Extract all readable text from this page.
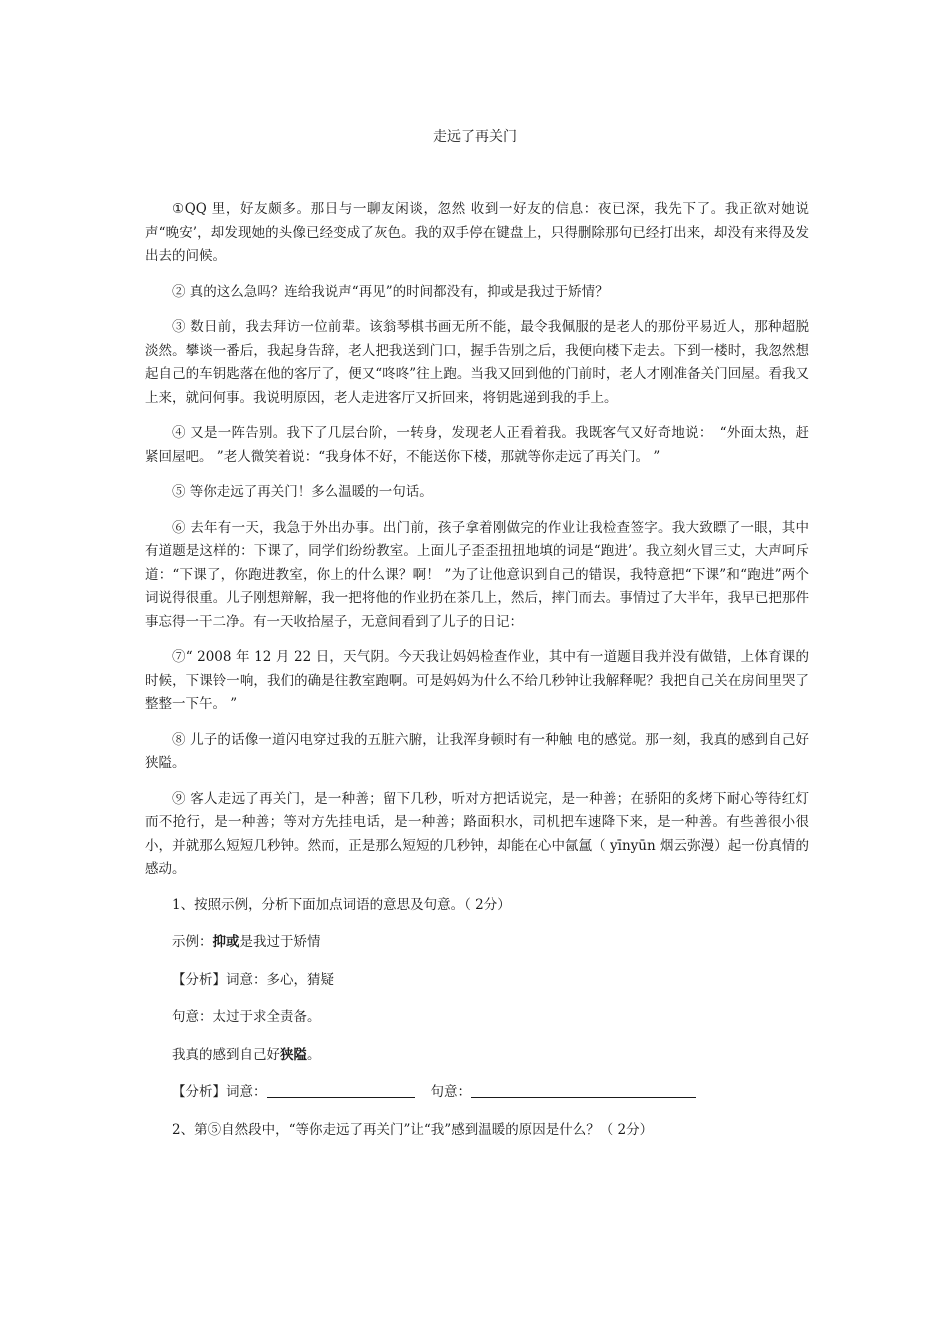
走远了再关门

①QQ 里，好友颇多。那日与一聊友闲谈，忽然 收到一好友的信息：夜已深，我先下了。我正欲对她说声“晚安’，却发现她的头像已经变成了灰色。我的双手停在键盘上，只得删除那句已经打出来，却没有来得及发出去的问候。

② 真的这么急吗？连给我说声“再见”的时间都没有，抑或是我过于矫情？

③ 数日前，我去拜访一位前辈。该翁琴棋书画无所不能，最令我佩服的是老人的那份平易近人，那种超脱淡然。攀谈一番后，我起身告辞，老人把我送到门口，握手告别之后，我便向楼下走去。下到一楼时，我忽然想起自己的车钥匙落在他的客厅了，便又“咚咚”往上跑。当我又回到他的门前时，老人才刚准备关门回屋。看我又上来，就问何事。我说明原因，老人走进客厅又折回来，将钥匙递到我的手上。

④ 又是一阵告别。我下了几层台阶，一转身，发现老人正看着我。我既客气又好奇地说：　“外面太热，赶紧回屋吧。 ”老人微笑着说：“我身体不好，不能送你下楼，那就等你走远了再关门。 ”

⑤ 等你走远了再关门！多么温暖的一句话。

⑥ 去年有一天，我急于外出办事。出门前，孩子拿着刚做完的作业让我检查签字。我大致瞟了一眼，其中有道题是这样的：下课了，同学们纷纷教室。上面儿子歪歪扭扭地填的词是“跑进’。我立刻火冒三丈，大声呵斥道：“下课了，你跑进教室，你上的什么课？啊！ ”为了让他意识到自己的错误，我特意把“下课”和“跑进”两个词说得很重。儿子刚想辩解，我一把将他的作业扔在茶几上，然后，摔门而去。事情过了大半年，我早已把那件事忘得一干二净。有一天收拾屋子，无意间看到了儿子的日记：

⑦“ 2008 年 12 月 22 日，天气阴。今天我让妈妈检查作业，其中有一道题目我并没有做错，上体育课的时候，下课铃一响，我们的确是往教室跑啊。可是妈妈为什么不给几秒钟让我解释呢？我把自己关在房间里哭了整整一下午。 ”

⑧ 儿子的话像一道闪电穿过我的五脏六腑，让我浑身顿时有一种触 电的感觉。那一刻，我真的感到自己好狭隘。

⑨ 客人走远了再关门，是一种善；留下几秒，听对方把话说完，是一种善；在骄阳的炙烤下耐心等待红灯而不抢行，是一种善；等对方先挂电话，是一种善；路面积水，司机把车速降下来，是一种善。有些善很小很小，并就那么短短几秒钟。然而，正是那么短短的几秒钟，却能在心中氤氲（ yīnyūn 烟云弥漫）起一份真情的感动。

1、按照示例，分析下面加点词语的意思及句意。（ 2分）

示例：抑或是我过于矫情

【分析】词意：多心，猜疑

句意：太过于求全责备。

我真的感到自己好狭隘。

【分析】词意：	句意：

2、第⑤自然段中，“等你走远了再关门”让“我”感到温暖的原因是什么？（ 2分）
